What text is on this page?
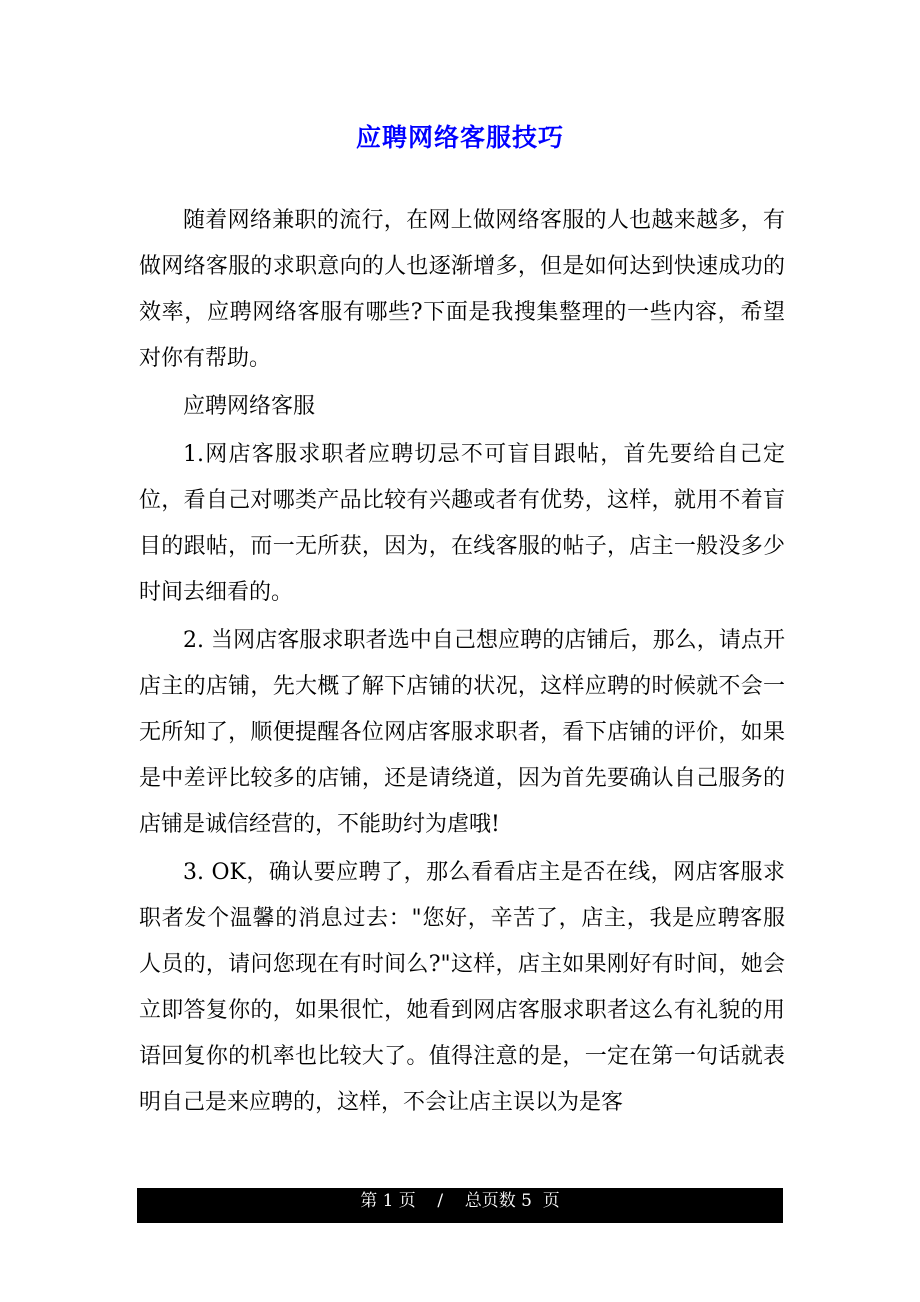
应聘网络客服技巧

随着网络兼职的流行，在网上做网络客服的人也越来越多，有做网络客服的求职意向的人也逐渐增多，但是如何达到快速成功的效率，应聘网络客服有哪些?下面是我搜集整理的一些内容，希望对你有帮助。

应聘网络客服

1.网店客服求职者应聘切忌不可盲目跟帖，首先要给自己定位，看自己对哪类产品比较有兴趣或者有优势，这样，就用不着盲目的跟帖，而一无所获，因为，在线客服的帖子，店主一般没多少时间去细看的。

2. 当网店客服求职者选中自己想应聘的店铺后，那么，请点开店主的店铺，先大概了解下店铺的状况，这样应聘的时候就不会一无所知了，顺便提醒各位网店客服求职者，看下店铺的评价，如果是中差评比较多的店铺，还是请绕道，因为首先要确认自己服务的店铺是诚信经营的，不能助纣为虐哦!

3. OK，确认要应聘了，那么看看店主是否在线，网店客服求职者发个温馨的消息过去："您好，辛苦了，店主，我是应聘客服人员的，请问您现在有时间么?"这样，店主如果刚好有时间，她会立即答复你的，如果很忙，她看到网店客服求职者这么有礼貌的用语回复你的机率也比较大了。值得注意的是，一定在第一句话就表明自己是来应聘的，这样，不会让店主误以为是客

第 1 页    /    总页数 5  页
